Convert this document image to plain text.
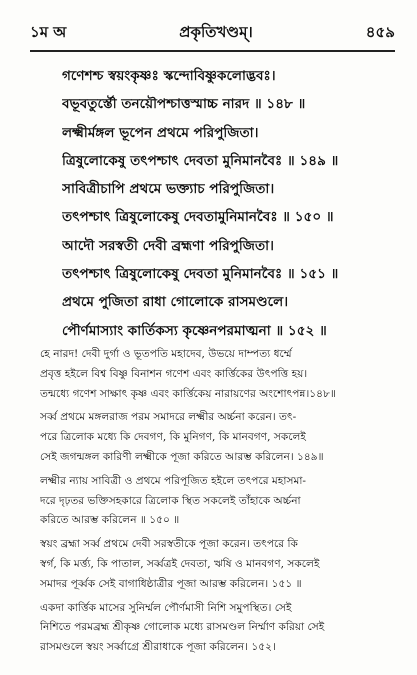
১ম অ	প্রকৃতিখণ্ডম্।	৪৫৯
গণেশশ্চ স্বয়ংকৃষ্ণঃ স্কন্দোবিষ্ণুকলোদ্ভবঃ।
বভূবতুর্স্তৌ তনয়ৌপশ্চাত্তস্মাচ্চ নারদ ॥ ১৪৮ ॥
লক্ষ্মীর্মঙ্গল ভূপেন প্রথমে পরিপুজিতা।
ত্রিষুলোকেষু তৎপশ্চাৎ দেবতা মুনিমানবৈঃ ॥ ১৪৯ ॥
সাবিত্রীচাপি প্রথমে ভক্ত্যাচ পরিপুজিতা।
তৎপশ্চাৎ ত্রিষুলোকেষু দেবতামুনিমানবৈঃ ॥ ১৫০ ॥
আদৌ সরস্বতী দেবী ব্রহ্মণা পরিপুজিতা।
তৎপশ্চাৎ ত্রিষুলোকেষু দেবতা মুনিমানবৈঃ ॥ ১৫১ ॥
প্রথমে পুজিতা রাধা গোলোকে রাসমণ্ডলে।
পৌর্ণমাস্যাং কার্তিকস্য কৃষ্ণেনপরমাত্মনা ॥ ১৫২ ॥
হে নারদ! দেবী দুর্গা ও ভূতপতি মহাদেব, উভয়ে দাম্পত্য ধর্ম্মে
প্রবৃত্ত হইলে বিশ্ব বিষ্ণু বিনাশন গণেশ এবং কার্ত্তিকের উৎপত্তি হয়।
তন্মধ্যে গণেশ সাক্ষাৎ কৃষ্ণ এবং কার্ত্তিকেয় নারায়ণের অংশোৎপন্ন।১৪৮॥
সর্ব্ব প্রথমে মঙ্গলরাজ পরম সমাদরে লক্ষ্মীর অর্চ্চনা করেন। তৎ-
পরে ত্রিলোক মধ্যে কি দেবগণ, কি মুনিগণ, কি মানবগণ, সকলেই
সেই জগন্মঙ্গল কারিণী লক্ষ্মীকে পূজা করিতে আরম্ভ করিলেন। ১৪৯॥
লক্ষ্মীর ন্যায় সাবিত্রী ও প্রথমে পরিপূজিত হইলে তৎপরে মহাসমা-
দরে দৃঢ়তর ভক্তিসহকারে ত্রিলোক স্থিত সকলেই তাঁহাকে অর্চ্চনা
করিতে আরম্ভ করিলেন ॥ ১৫০ ॥
স্বয়ং ব্রহ্মা সর্ব্ব প্রথমে দেবী সরস্বতীকে পূজা করেন। তৎপরে কি
স্বর্গ, কি মর্ত্ত্য, কি পাতাল, সর্ব্বত্রই দেবতা, ঋষি ও মানবগণ, সকলেই
সমাদর পূর্ব্বক সেই বাগাধিষ্ঠাত্রীর পূজা আরম্ভ করিলেন। ১৫১ ॥
একদা কার্ত্তিক মাসের সুনির্ম্মল পৌর্ণমাসী নিশি সমুপস্থিত। সেই
নিশিতে পরমব্রহ্ম শ্রীকৃষ্ণ গোলোক মধ্যে রাসমণ্ডল নির্ম্মাণ করিয়া সেই
রাসমণ্ডলে স্বয়ং সর্ব্বাগ্রে শ্রীরাধাকে পূজা করিলেন। ১৫২।
